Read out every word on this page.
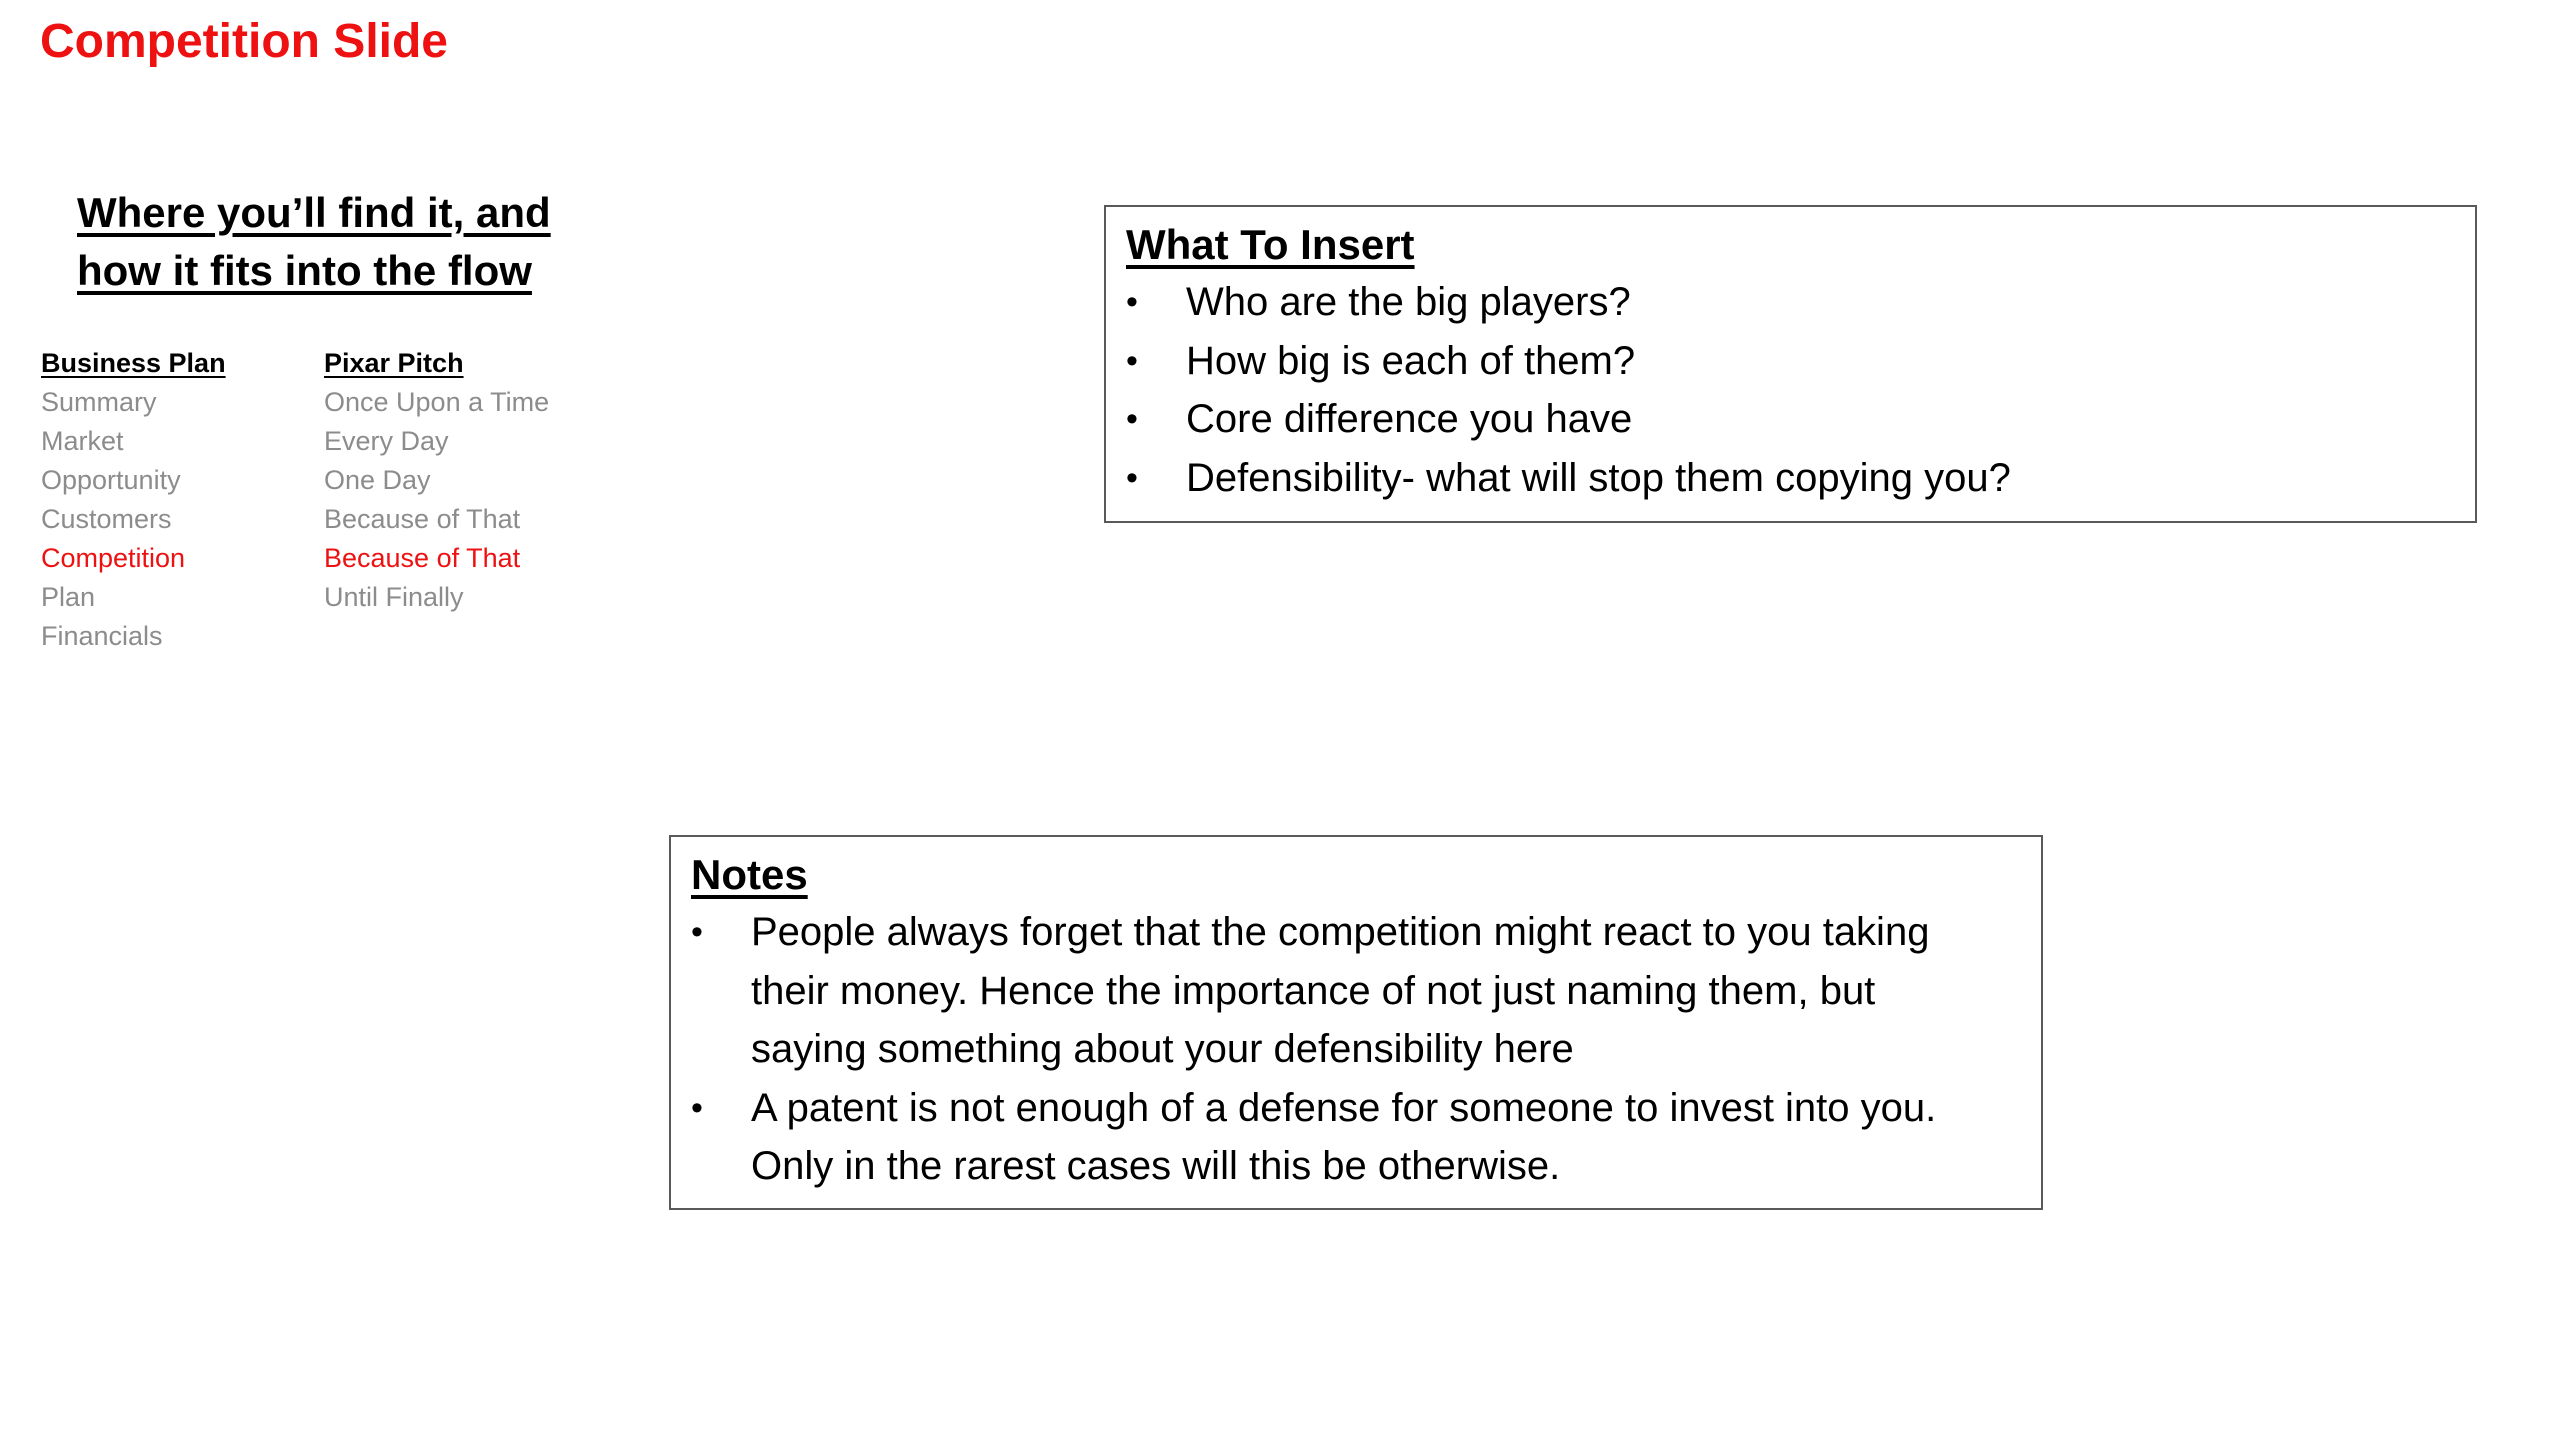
Competition Slide
Where you’ll find it, and
how it fits into the flow
Business Plan
Summary
Market
Opportunity
Customers
Competition
Plan
Financials
Pixar Pitch
Once Upon a Time
Every Day
One Day
Because of That
Because of That
Until Finally
What To Insert
• Who are the big players?
• How big is each of them?
• Core difference you have
• Defensibility- what will stop them copying you?
Notes
• People always forget that the competition might react to you taking their money. Hence the importance of not just naming them, but saying something about your defensibility here
• A patent is not enough of a defense for someone to invest into you. Only in the rarest cases will this be otherwise.
